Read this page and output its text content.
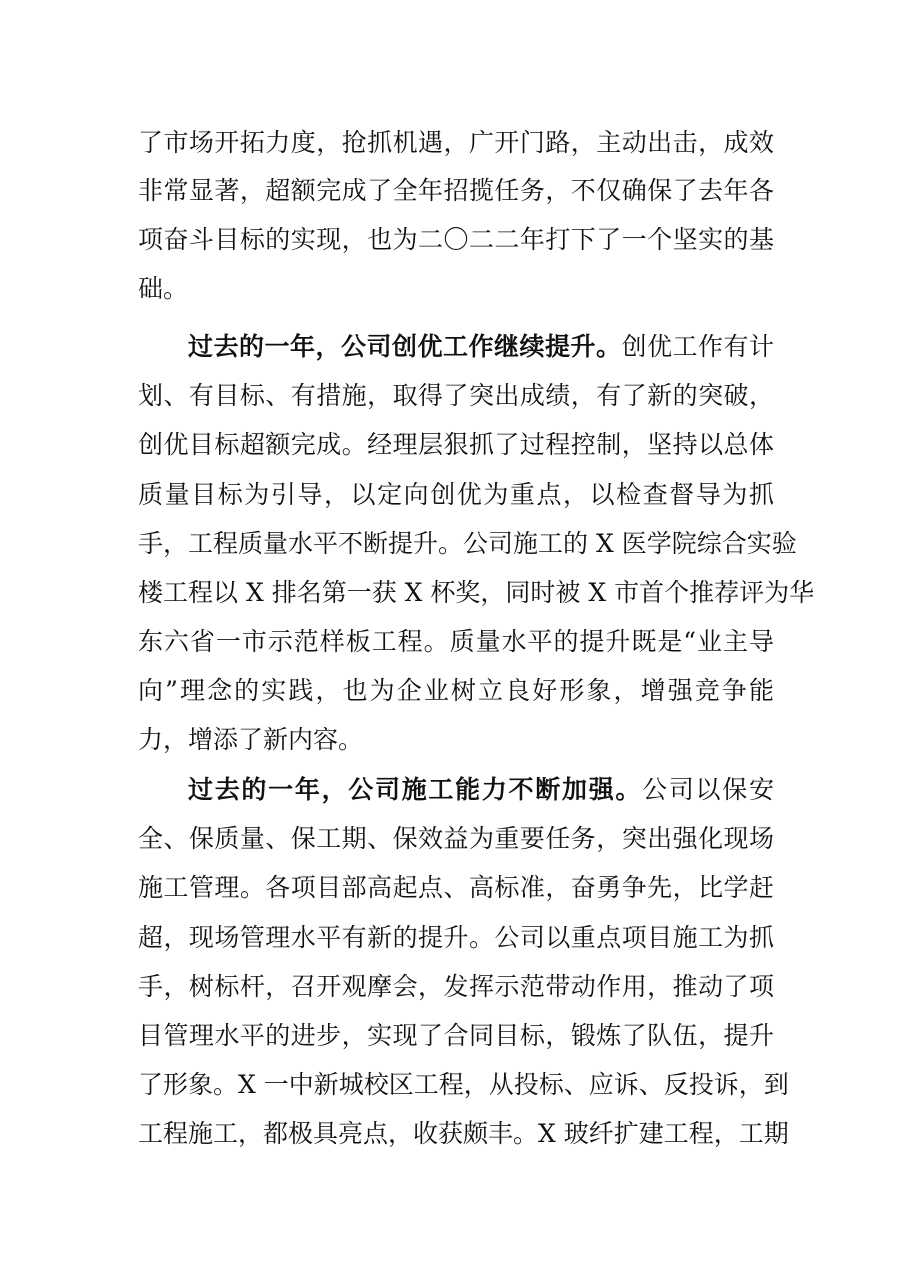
了市场开拓力度，抢抓机遇，广开门路，主动出击，成效
非常显著，超额完成了全年招揽任务，不仅确保了去年各
项奋斗目标的实现，也为二〇二二年打下了一个坚实的基
础。
过去的一年，公司创优工作继续提升。创优工作有计
划、有目标、有措施，取得了突出成绩，有了新的突破，
创优目标超额完成。经理层狠抓了过程控制，坚持以总体
质量目标为引导，以定向创优为重点，以检查督导为抓
手，工程质量水平不断提升。公司施工的 X 医学院综合实验
楼工程以 X 排名第一获 X 杯奖，同时被 X 市首个推荐评为华
东六省一市示范样板工程。质量水平的提升既是“业主导
向”理念的实践，也为企业树立良好形象，增强竞争能
力，增添了新内容。
过去的一年，公司施工能力不断加强。公司以保安
全、保质量、保工期、保效益为重要任务，突出强化现场
施工管理。各项目部高起点、高标准，奋勇争先，比学赶
超，现场管理水平有新的提升。公司以重点项目施工为抓
手，树标杆，召开观摩会，发挥示范带动作用，推动了项
目管理水平的进步，实现了合同目标，锻炼了队伍，提升
了形象。X 一中新城校区工程，从投标、应诉、反投诉，到
工程施工，都极具亮点，收获颇丰。X 玻纤扩建工程，工期
